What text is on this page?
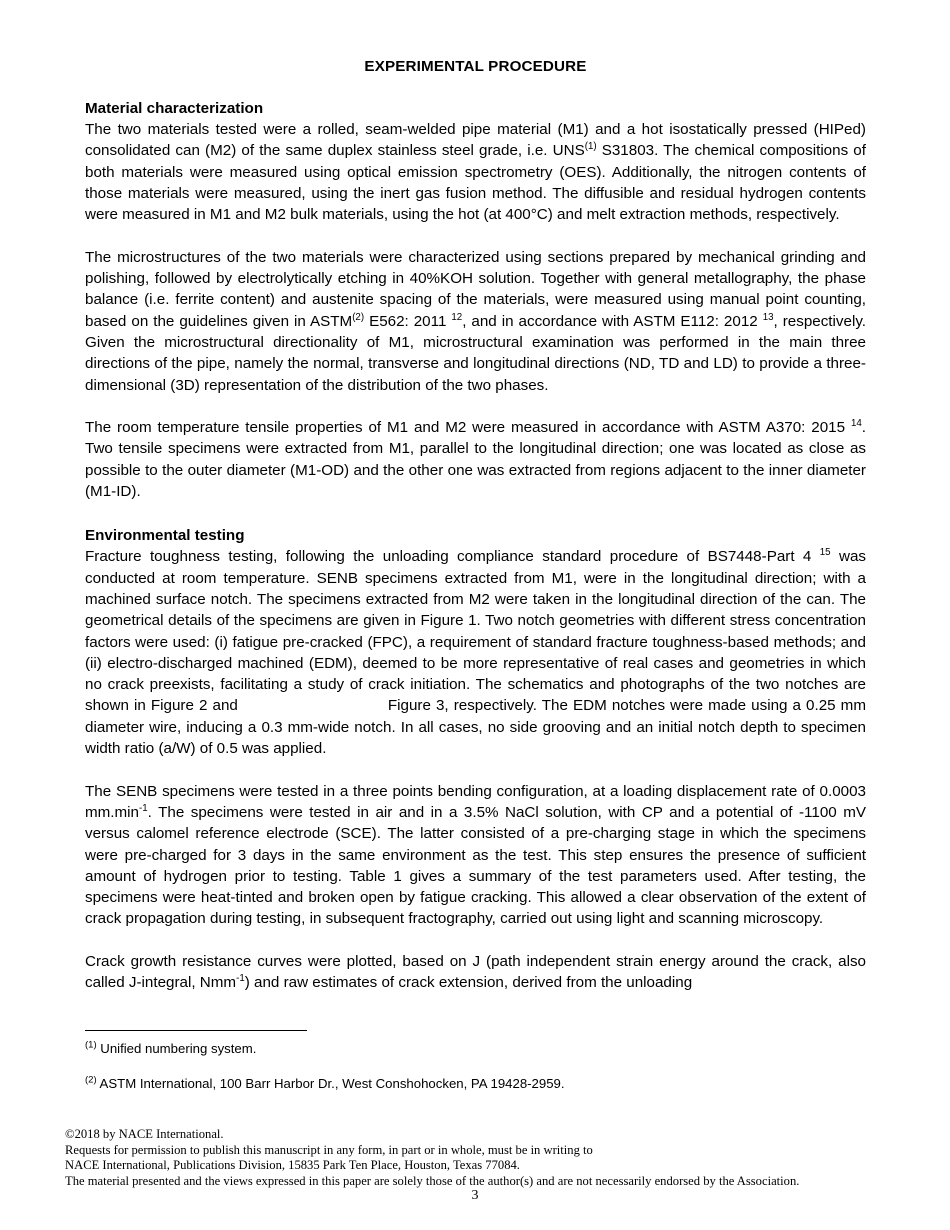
EXPERIMENTAL PROCEDURE
Material characterization

The two materials tested were a rolled, seam-welded pipe material (M1) and a hot isostatically pressed (HIPed) consolidated can (M2) of the same duplex stainless steel grade, i.e. UNS$^{(1)}$ S31803. The chemical compositions of both materials were measured using optical emission spectrometry (OES). Additionally, the nitrogen contents of those materials were measured, using the inert gas fusion method. The diffusible and residual hydrogen contents were measured in M1 and M2 bulk materials, using the hot (at 400°C) and melt extraction methods, respectively.

The microstructures of the two materials were characterized using sections prepared by mechanical grinding and polishing, followed by electrolytically etching in 40%KOH solution. Together with general metallography, the phase balance (i.e. ferrite content) and austenite spacing of the materials, were measured using manual point counting, based on the guidelines given in ASTM$^{(2)}$ E562: 2011 $^{12}$, and in accordance with ASTM E112: 2012 $^{13}$, respectively. Given the microstructural directionality of M1, microstructural examination was performed in the main three directions of the pipe, namely the normal, transverse and longitudinal directions (ND, TD and LD) to provide a three-dimensional (3D) representation of the distribution of the two phases.

The room temperature tensile properties of M1 and M2 were measured in accordance with ASTM A370: 2015 $^{14}$. Two tensile specimens were extracted from M1, parallel to the longitudinal direction; one was located as close as possible to the outer diameter (M1-OD) and the other one was extracted from regions adjacent to the inner diameter (M1-ID).

Environmental testing

Fracture toughness testing, following the unloading compliance standard procedure of BS7448-Part 4 $^{15}$ was conducted at room temperature. SENB specimens extracted from M1, were in the longitudinal direction; with a machined surface notch. The specimens extracted from M2 were taken in the longitudinal direction of the can. The geometrical details of the specimens are given in Figure 1. Two notch geometries with different stress concentration factors were used: (i) fatigue pre-cracked (FPC), a requirement of standard fracture toughness-based methods; and (ii) electro-discharged machined (EDM), deemed to be more representative of real cases and geometries in which no crack preexists, facilitating a study of crack initiation. The schematics and photographs of the two notches are shown in Figure 2 and	Figure 3, respectively. The EDM notches were made using a 0.25 mm diameter wire, inducing a 0.3 mm-wide notch. In all cases, no side grooving and an initial notch depth to specimen width ratio (a/W) of 0.5 was applied.

The SENB specimens were tested in a three points bending configuration, at a loading displacement rate of 0.0003 $mm.\min^{-1}$. The specimens were tested in air and in a 3.5% NaCl solution, with CP and a potential of -1100 mV versus calomel reference electrode (SCE). The latter consisted of a pre-charging stage in which the specimens were pre-charged for 3 days in the same environment as the test. This step ensures the presence of sufficient amount of hydrogen prior to testing. Table 1 gives a summary of the test parameters used. After testing, the specimens were heat-tinted and broken open by fatigue cracking. This allowed a clear observation of the extent of crack propagation during testing, in subsequent fractography, carried out using light and scanning microscopy.

Crack growth resistance curves were plotted, based on J (path independent strain energy around the crack, also called J-integral, Nmm$^{-1}$) and raw estimates of crack extension, derived from the unloading

$^{(1)}$ Unified numbering system.

$^{(2)}$ ASTM International, 100 Barr Harbor Dr., West Conshohocken, PA 19428-2959.

©2018 by NACE International.
Requests for permission to publish this manuscript in any form, in part or in whole, must be in writing to
NACE International, Publications Division, 15835 Park Ten Place, Houston, Texas 77084.
The material presented and the views expressed in this paper are solely those of the author(s) and are not necessarily endorsed by the Association.
3
